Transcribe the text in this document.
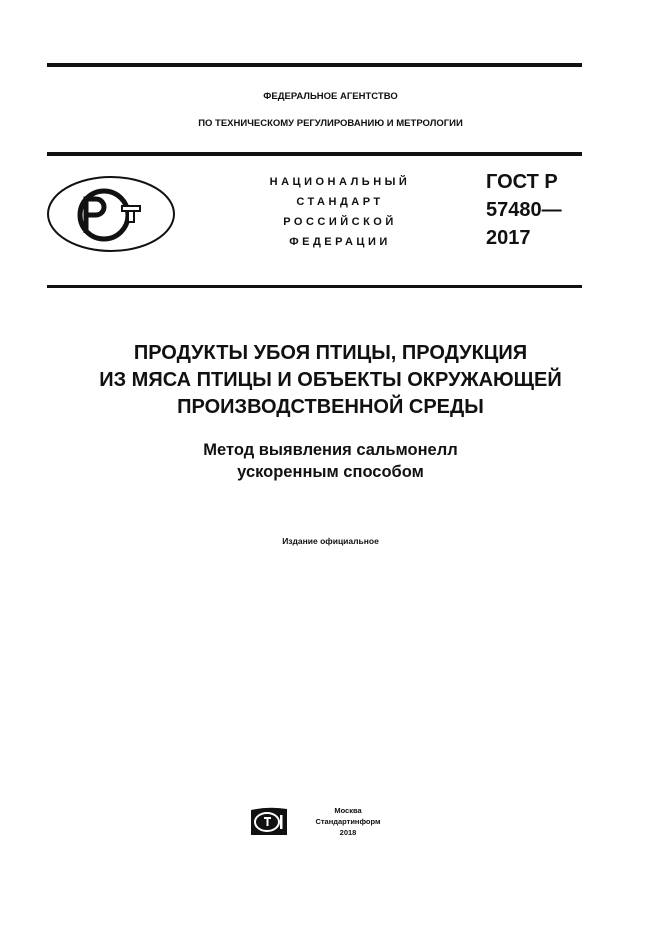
ФЕДЕРАЛЬНОЕ АГЕНТСТВО
ПО ТЕХНИЧЕСКОМУ РЕГУЛИРОВАНИЮ И МЕТРОЛОГИИ
НАЦИОНАЛЬНЫЙ
СТАНДАРТ
РОССИЙСКОЙ
ФЕДЕРАЦИИ
ГОСТ Р
57480—
2017
ПРОДУКТЫ УБОЯ ПТИЦЫ, ПРОДУКЦИЯ
ИЗ МЯСА ПТИЦЫ И ОБЪЕКТЫ ОКРУЖАЮЩЕЙ
ПРОИЗВОДСТВЕННОЙ СРЕДЫ
Метод выявления сальмонелл
ускоренным способом
Издание официальное
Москва
Стандартинформ
2018
